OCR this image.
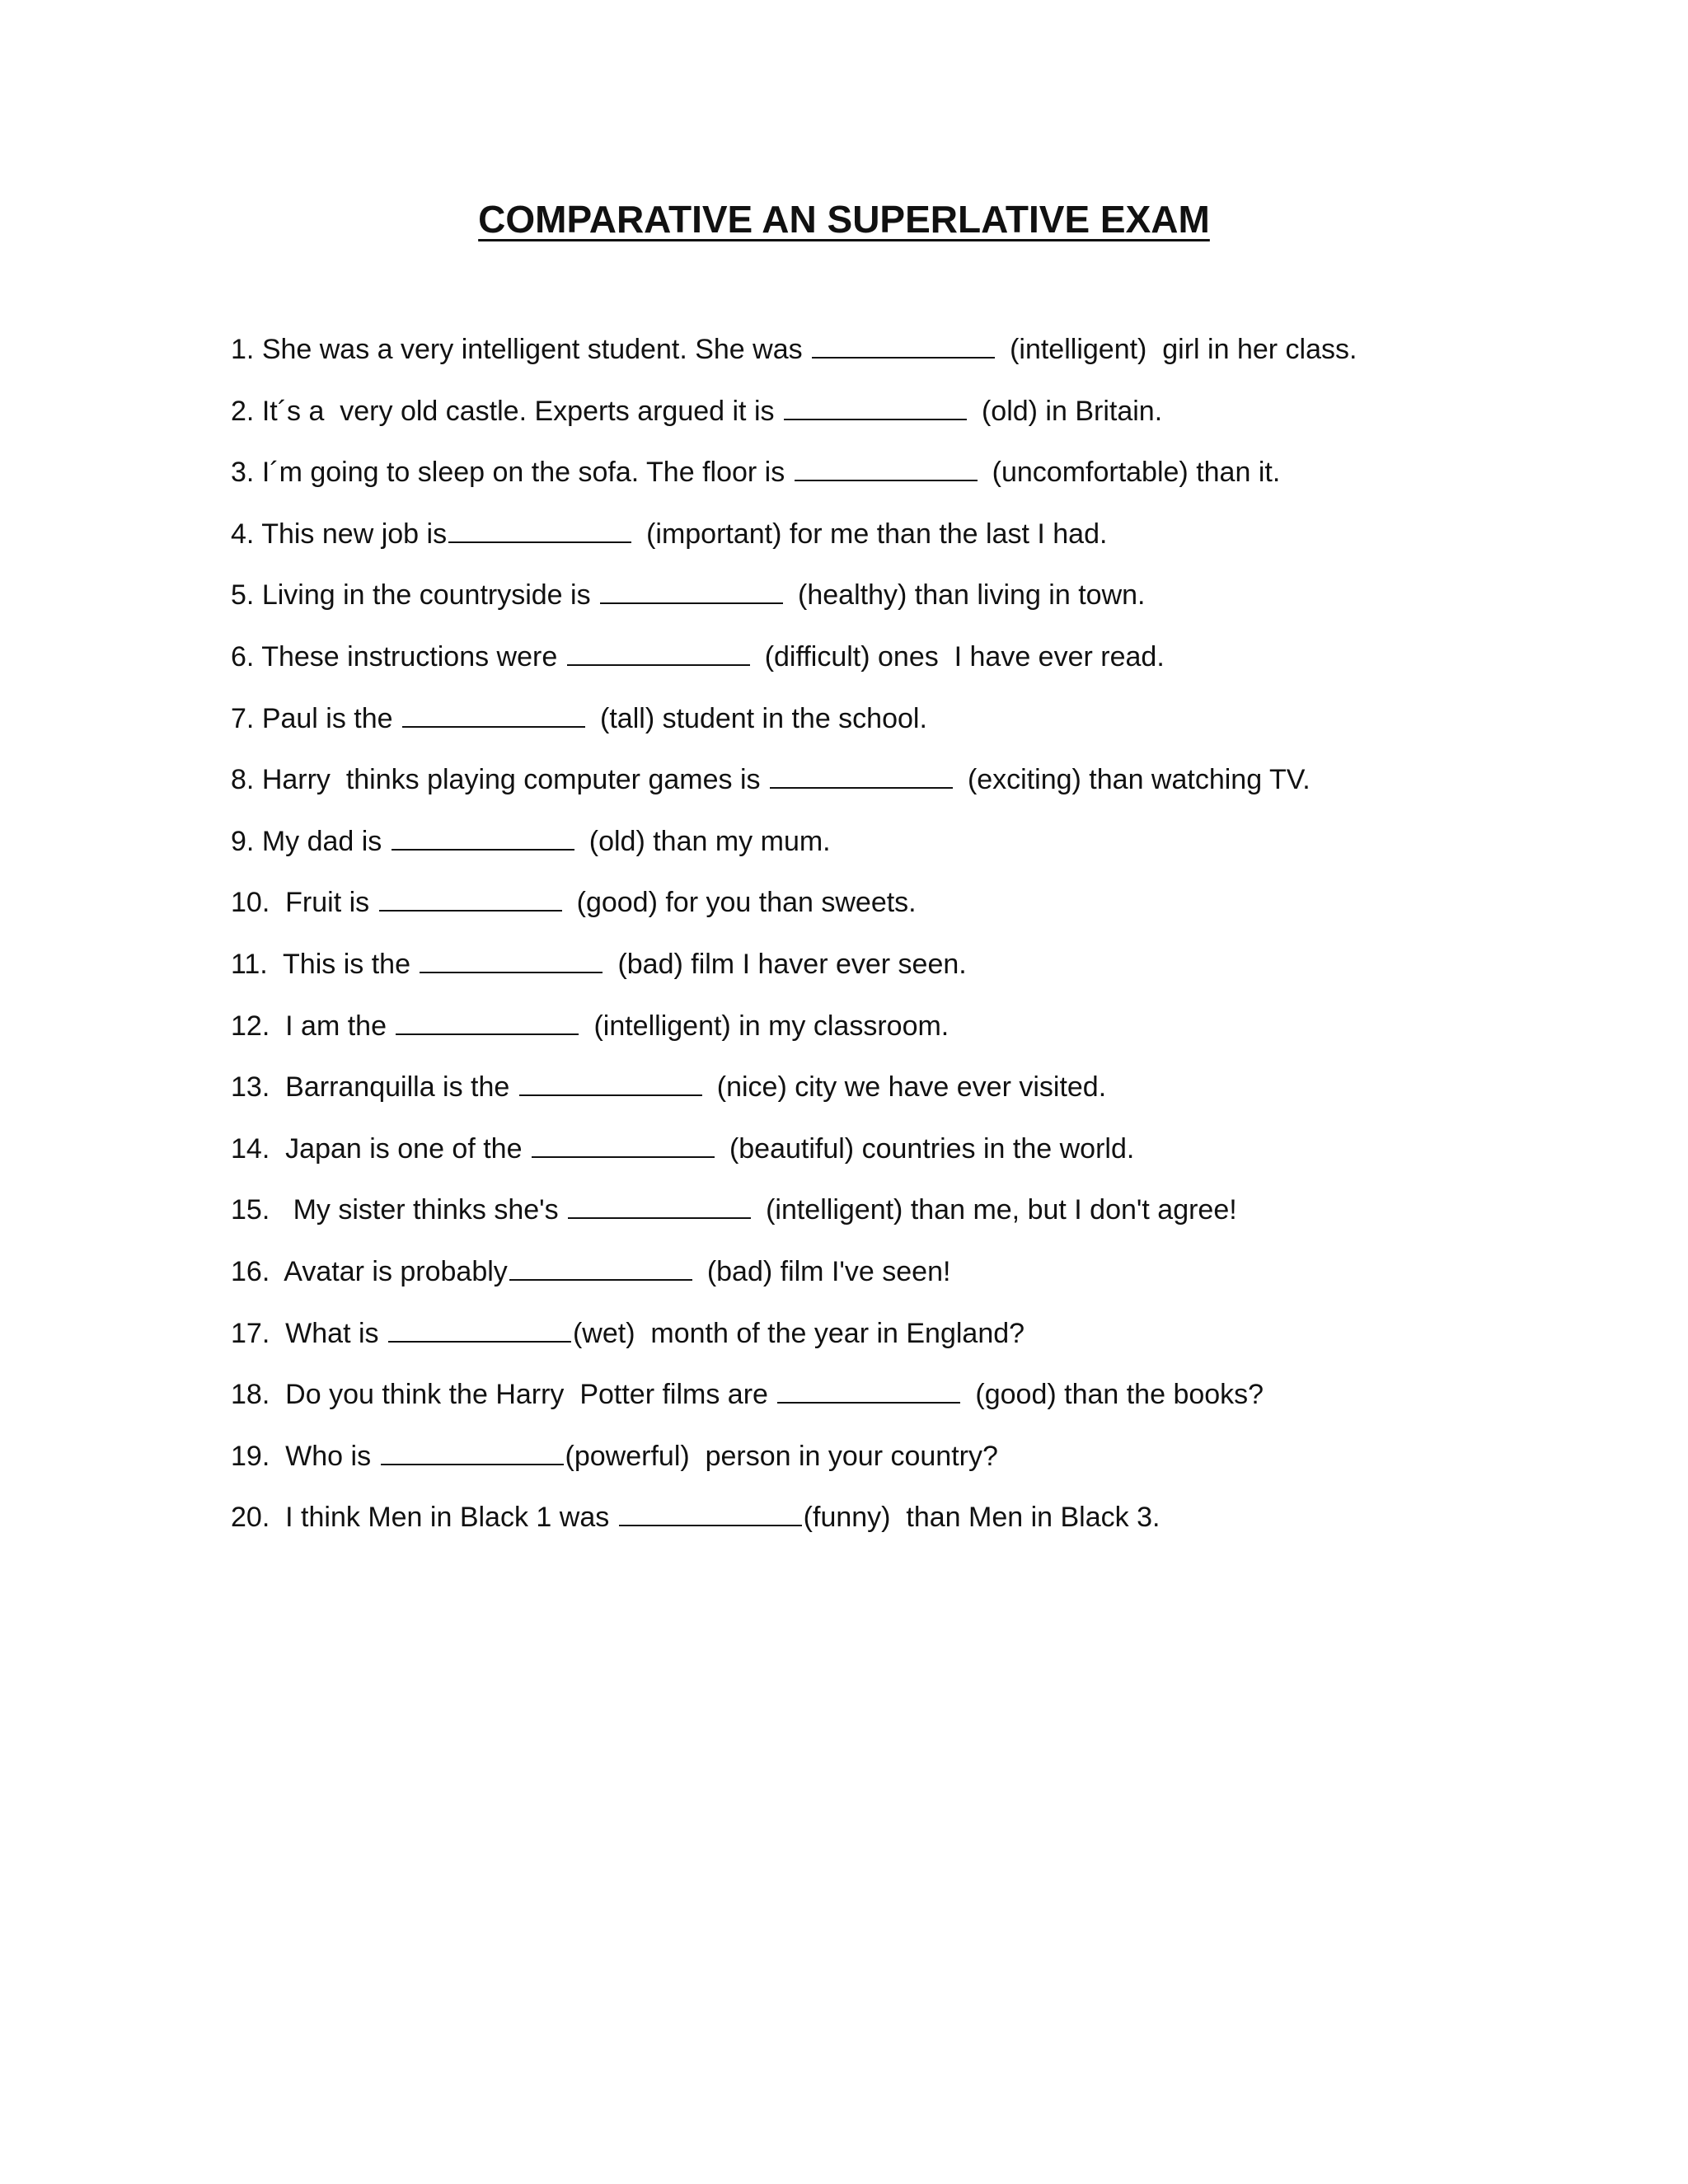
COMPARATIVE AN SUPERLATIVE EXAM
1. She was a very intelligent student. She was	(intelligent)  girl in her class.
2. It´s a  very old castle. Experts argued it is	(old) in Britain.
3. I´m going to sleep on the sofa. The floor is	(uncomfortable) than it.
4. This new job is	(important) for me than the last I had.
5. Living in the countryside is	(healthy) than living in town.
6. These instructions were	(difficult) ones  I have ever read.
7. Paul is the	(tall) student in the school.
8. Harry  thinks playing computer games is	(exciting) than watching TV.
9. My dad is	(old) than my mum.
10.  Fruit is	(good) for you than sweets.
11.  This is the	(bad) film I haver ever seen.
12.  I am the	(intelligent) in my classroom.
13.  Barranquilla is the	(nice) city we have ever visited.
14.  Japan is one of the	(beautiful) countries in the world.
15.   My sister thinks she's	(intelligent) than me, but I don't agree!
16.  Avatar is probably	(bad) film I've seen!
17.  What is	(wet)  month of the year in England?
18.  Do you think the Harry  Potter films are	(good) than the books?
19.  Who is	(powerful)  person in your country?
20.  I think Men in Black 1 was	(funny)  than Men in Black 3.
